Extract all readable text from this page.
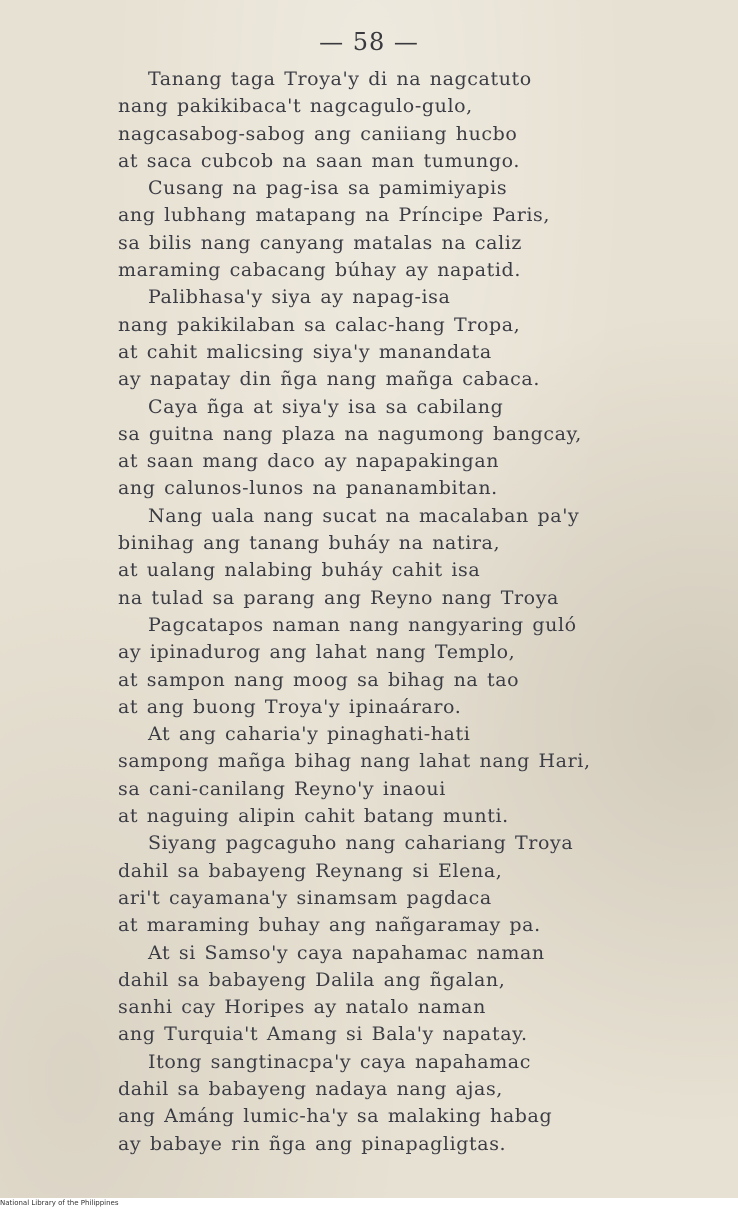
— 58 —
Tanang taga Troya'y di na nagcatuto
nang pakikibaca't nagcagulo-gulo,
nagcasabog-sabog ang caniiang hucbo
at saca cubcob na saan man tumungo.
Cusang na pag-isa sa pamimiyapis
ang lubhang matapang na Príncipe Paris,
sa bilis nang canyang matalas na caliz
maraming cabacang búhay ay napatid.
Palibhasa'y siya ay napag-isa
nang pakikilaban sa calac-hang Tropa,
at cahit malicsing siya'y manandata
ay napatay din ñga nang mañga cabaca.
Caya ñga at siya'y isa sa cabilang
sa guitna nang plaza na nagumong bangcay,
at saan mang daco ay napapakingan
ang calunos-lunos na pananambitan.
Nang uala nang sucat na macalaban pa'y
binihag ang tanang buháy na natira,
at ualang nalabing buháy cahit isa
na tulad sa parang ang Reyno nang Troya
Pagcatapos naman nang nangyaring guló
ay ipinadurog ang lahat nang Templo,
at sampon nang moog sa bihag na tao
at ang buong Troya'y ipinaáraro.
At ang caharia'y pinaghati-hati
sampong mañga bihag nang lahat nang Hari,
sa cani-canilang Reyno'y inaoui
at naguing alipin cahit batang munti.
Siyang pagcaguho nang cahariang Troya
dahil sa babayeng Reynang si Elena,
ari't cayamana'y sinamsam pagdaca
at maraming buhay ang nañgaramay pa.
At si Samso'y caya napahamac naman
dahil sa babayeng Dalila ang ñgalan,
sanhi cay Horipes ay natalo naman
ang Turquia't Amang si Bala'y napatay.
Itong sangtinacpa'y caya napahamac
dahil sa babayeng nadaya nang ajas,
ang Amáng lumic-ha'y sa malaking habag
ay babaye rin ñga ang pinapagligtas.
National Library of the Philippines
